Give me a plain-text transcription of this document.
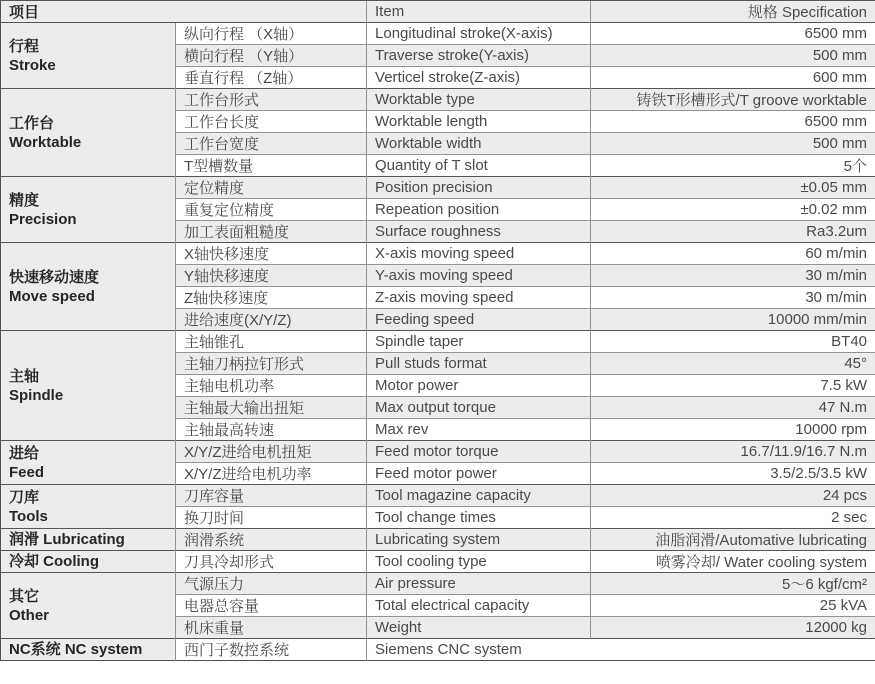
项目		Item	规格 Specification
行程
Stroke	纵向行程 （X轴）	Longitudinal stroke(X-axis)	6500 mm
	横向行程 （Y轴）	Traverse stroke(Y-axis)	500 mm
	垂直行程 （Z轴）	Verticel stroke(Z-axis)	600 mm
工作台
Worktable	工作台形式	Worktable type	铸铁T形槽形式/T groove worktable
	工作台长度	Worktable length	6500 mm
	工作台宽度	Worktable width	500 mm
	T型槽数量	Quantity of T slot	5个
精度
Precision	定位精度	Position precision	±0.05 mm
	重复定位精度	Repeation position	±0.02 mm
	加工表面粗糙度	Surface roughness	Ra3.2um
快速移动速度
Move speed	X轴快移速度	X-axis moving speed	60 m/min
	Y轴快移速度	Y-axis moving speed	30 m/min
	Z轴快移速度	Z-axis moving speed	30 m/min
	进给速度(X/Y/Z)	Feeding speed	10000 mm/min
主轴
Spindle	主轴锥孔	Spindle taper	BT40
	主轴刀柄拉钉形式	Pull studs format	45°
	主轴电机功率	Motor power	7.5 kW
	主轴最大输出扭矩	Max output torque	47 N.m
	主轴最高转速	Max rev	10000 rpm
进给
Feed	X/Y/Z进给电机扭矩	Feed motor torque	16.7/11.9/16.7 N.m
	X/Y/Z进给电机功率	Feed motor power	3.5/2.5/3.5 kW
刀库
Tools	刀库容量	Tool magazine capacity	24 pcs
	换刀时间	Tool change times	2 sec
润滑 Lubricating	润滑系统	Lubricating system	油脂润滑/Automative lubricating
冷却 Cooling	刀具冷却形式	Tool cooling type	喷雾冷却/ Water cooling system
其它
Other	气源压力	Air pressure	5～6 kgf/cm²
	电器总容量	Total electrical capacity	25 kVA
	机床重量	Weight	12000 kg
NC系统 NC system	西门子数控系统	Siemens CNC system	
